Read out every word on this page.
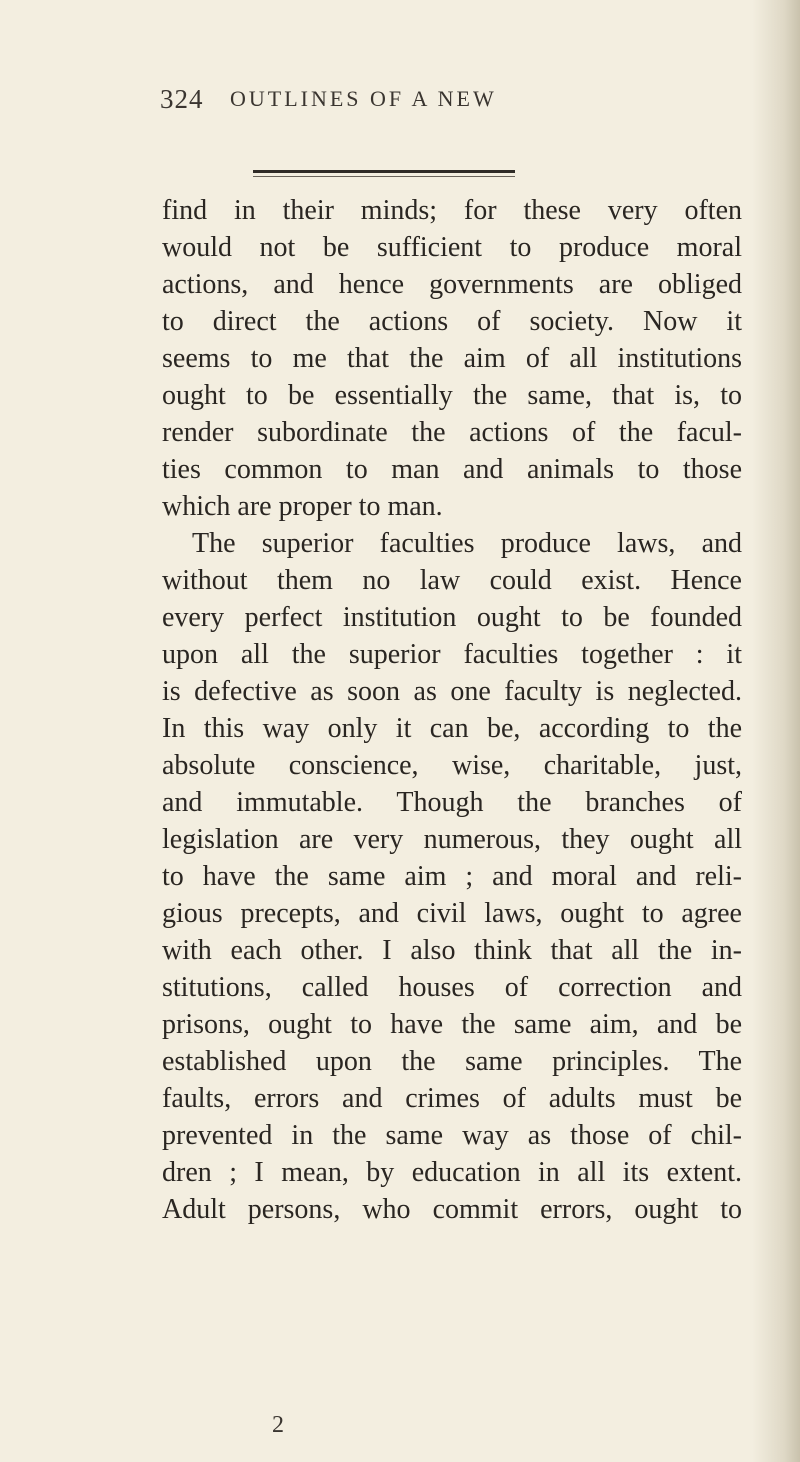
324 OUTLINES OF A NEW
find in their minds; for these very often
would not be sufficient to produce moral
actions, and hence governments are obliged
to direct the actions of society. Now it
seems to me that the aim of all institutions
ought to be essentially the same, that is, to
render subordinate the actions of the facul-
ties common to man and animals to those
which are proper to man.
The superior faculties produce laws, and
without them no law could exist. Hence
every perfect institution ought to be founded
upon all the superior faculties together : it
is defective as soon as one faculty is neglected.
In this way only it can be, according to the
absolute conscience, wise, charitable, just,
and immutable. Though the branches of
legislation are very numerous, they ought all
to have the same aim ; and moral and reli-
gious precepts, and civil laws, ought to agree
with each other. I also think that all the in-
stitutions, called houses of correction and
prisons, ought to have the same aim, and be
established upon the same principles. The
faults, errors and crimes of adults must be
prevented in the same way as those of chil-
dren ; I mean, by education in all its extent.
Adult persons, who commit errors, ought to
2
